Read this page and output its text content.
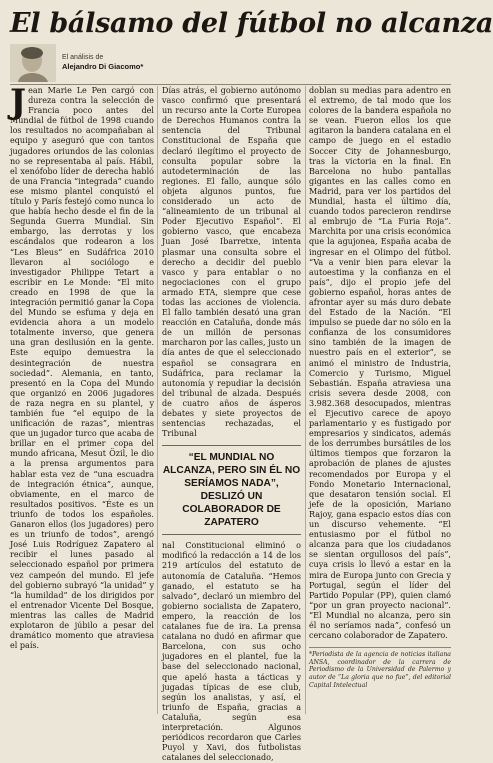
El bálsamo del fútbol no alcanza
El análisis de
Alejandro Di Giacomo*

Jean Marie Le Pen cargó con dureza contra la selección de Francia poco antes del Mundial de fútbol de 1998 cuando los resultados no acompañaban al equipo y aseguró que con tantos jugadores oriundos de las colonias no se representaba al país. Hábil, el xenófobo líder de derecha habló de una Francia “integrada” cuando ese mismo plantel conquistó el título y París festejó como nunca lo que había hecho desde el fin de la Segunda Guerra Mundial. Sin embargo, las derrotas y los escándalos que rodearon a los “Les Bleus” en Sudáfrica 2010 llevaron al sociólogo e investigador Philippe Tetart a escribir en Le Monde: “El mito creado en 1998 de que la integración permitió ganar la Copa del Mundo se esfuma y deja en evidencia ahora a un modelo totalmente inverso, que genera una gran desilusión en la gente. Este equipo demuestra la desintegración de nuestra sociedad”. Alemania, en tanto, presentó en la Copa del Mundo que organizó en 2006 jugadores de raza negra en su plantel, y también fue “el equipo de la unificación de razas”, mientras que un jugador turco que acaba de brillar en el primer copa del mundo africana, Mesut Özil, le dio a la prensa argumentos para hablar esta vez de “una escuadra de integración étnica”, aunque, obviamente, en el marco de resultados positivos. “Éste es un triunfo de todos los españoles. Ganaron ellos (los jugadores) pero es un triunfo de todos”, arengó José Luis Rodríguez Zapatero al recibir el lunes pasado al seleccionado español por primera vez campeón del mundo. El jefe del gobierno subrayó “la unidad” y “la humildad” de los dirigidos por el entrenador Vicente Del Bosque, mientras las calles de Madrid explotaron de júbilo a pesar del dramático momento que atraviesa el país.

Días atrás, el gobierno autónomo vasco confirmó que presentará un recurso ante la Corte Europea de Derechos Humanos contra la sentencia del Tribunal Constitucional de España que declaró ilegítimo el proyecto de consulta popular sobre la autodeterminación de las regiones. El fallo, aunque sólo objeta algunos puntos, fue considerado un acto de “alineamiento de un tribunal al Poder Ejecutivo Español”. El gobierno vasco, que encabeza Juan José Ibarretxe, intenta plasmar una consulta sobre el derecho a decidir del pueblo vasco y para entablar o no negociaciones con el grupo armado ETA, siempre que cese todas las acciones de violencia. El fallo también desató una gran reacción en Cataluña, donde más de un millón de personas marcharon por las calles, justo un día antes de que el seleccionado español se consagrara en Sudáfrica, para reclamar la autonomía y repudiar la decisión del tribunal de alzada. Después de cuatro años de ásperos debates y siete proyectos de sentencias rechazadas, el Tribunal

“EL MUNDIAL NO ALCANZA, PERO SIN ÉL NO SERÍAMOS NADA”, DESLIZÓ UN COLABORADOR DE ZAPATERO

nal Constitucional eliminó o modificó la redacción a 14 de los 219 artículos del estatuto de autonomía de Cataluña. “Hemos ganado, el estatuto se ha salvado”, declaró un miembro del gobierno socialista de Zapatero, empero, la reacción de los catalanes fue de ira. La prensa catalana no dudó en afirmar que Barcelona, con sus ocho jugadores en el plantel, fue la base del seleccionado nacional, que apeló hasta a tácticas y jugadas típicas de ese club, según los analistas, y así, el triunfo de España, gracias a Cataluña, según esa interpretación. Algunos periódicos recordaron que Carles Puyol y Xavi, dos futbolistas catalanes del seleccionado,

doblan su medias para adentro en el extremo, de tal modo que los colores de la bandera española no se vean. Fueron ellos los que agitaron la bandera catalana en el campo de juego en el estadio Soccer City de Johannesburgo, tras la victoria en la final. En Barcelona no hubo pantallas gigantes en las calles como en Madrid, para ver los partidos del Mundial, hasta el último día, cuando todos parecieron rendirse al embrujo de “La Furia Roja”. Marchita por una crisis económica que la agujonea, España acaba de ingresar en el Olimpo del fútbol. “Va a venir bien para elevar la autoestima y la confianza en el país”, dijo el propio jefe del gobierno español, horas antes de afrontar ayer su más duro debate del Estado de la Nación. “El impulso se puede dar no sólo en la confianza de los consumidores sino también de la imagen de nuestro país en el exterior”, se animó el ministro de Industria, Comercio y Turismo, Miguel Sebastián. España atraviesa una crisis severa desde 2008, con 3.982.368 desocupados, mientras el Ejecutivo carece de apoyo parlamentario y es fustigado por empresarios y sindicatos, además de los derrumbes bursátiles de los últimos tiempos que forzaron la aprobación de planes de ajustes recomendados por Europa y el Fondo Monetario Internacional, que desataron tensión social. El jefe de la oposición, Mariano Rajoy, gana espacio estos días con un discurso vehemente. “El entusiasmo por el fútbol no alcanza para que los ciudadanos se sientan orgullosos del país”, cuya crisis lo llevó a estar en la mira de Europa junto con Grecia y Portugal, según el líder del Partido Popular (PP), quien clamó “por un gran proyecto nacional”. “El Mundial no alcanza, pero sin él no seríamos nada”, confesó un cercano colaborador de Zapatero.

*Periodista de la agencia de noticias italiana ANSA, coordinador de la carrera de Periodismo de la Universidad de Palermo y autor de “La gloria que no fue”, del editorial Capital Intelectual
